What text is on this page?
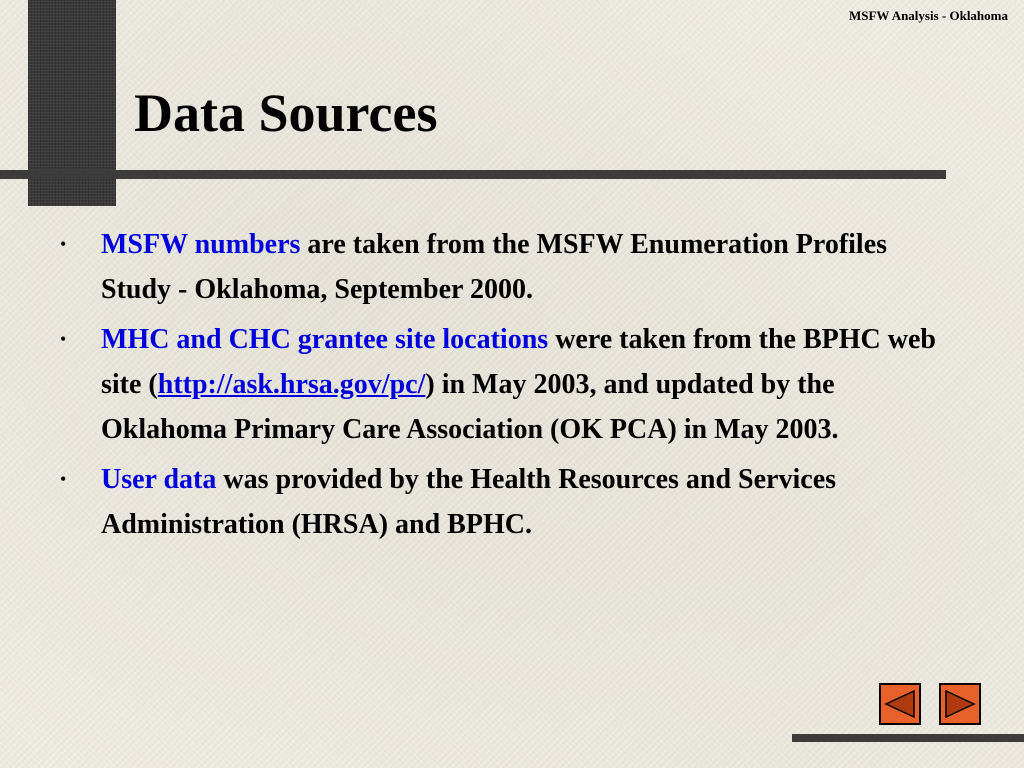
MSFW Analysis - Oklahoma
Data Sources
• MSFW numbers are taken from the MSFW Enumeration Profiles Study - Oklahoma, September 2000.
• MHC and CHC grantee site locations were taken from the BPHC web site (http://ask.hrsa.gov/pc/) in May 2003, and updated by the Oklahoma Primary Care Association (OK PCA) in May 2003.
• User data was provided by the Health Resources and Services Administration (HRSA) and BPHC.
